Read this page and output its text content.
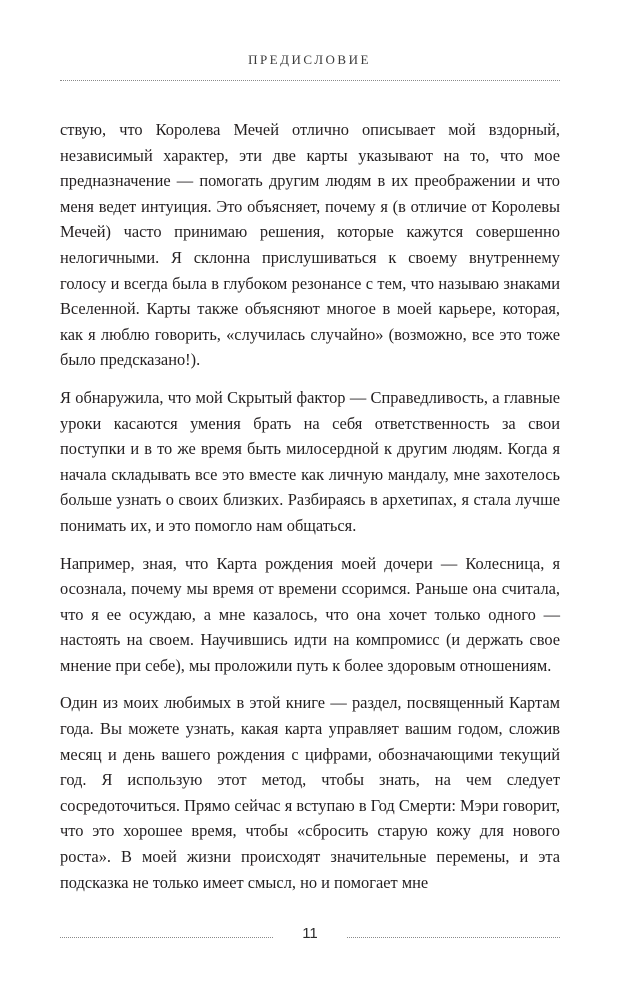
ПРЕДИСЛОВИЕ

ствую, что Королева Мечей отлично описывает мой вздорный, независимый характер, эти две карты указывают на то, что мое предназначение — помогать другим людям в их преображении и что меня ведет интуиция. Это объясняет, почему я (в отличие от Королевы Мечей) часто принимаю решения, которые кажутся совершенно нелогичными. Я склонна прислушиваться к своему внутреннему голосу и всегда была в глубоком резонансе с тем, что называю знаками Вселенной. Карты также объясняют многое в моей карьере, которая, как я люблю говорить, «случилась случайно» (возможно, все это тоже было предсказано!).

Я обнаружила, что мой Скрытый фактор — Справедливость, а главные уроки касаются умения брать на себя ответственность за свои поступки и в то же время быть милосердной к другим людям. Когда я начала складывать все это вместе как личную мандалу, мне захотелось больше узнать о своих близких. Разбираясь в архетипах, я стала лучше понимать их, и это помогло нам общаться.

Например, зная, что Карта рождения моей дочери — Колесница, я осознала, почему мы время от времени ссоримся. Раньше она считала, что я ее осуждаю, а мне казалось, что она хочет только одного — настоять на своем. Научившись идти на компромисс (и держать свое мнение при себе), мы проложили путь к более здоровым отношениям.

Один из моих любимых в этой книге — раздел, посвященный Картам года. Вы можете узнать, какая карта управляет вашим годом, сложив месяц и день вашего рождения с цифрами, обозначающими текущий год. Я использую этот метод, чтобы знать, на чем следует сосредоточиться. Прямо сейчас я вступаю в Год Смерти: Мэри говорит, что это хорошее время, чтобы «сбросить старую кожу для нового роста». В моей жизни происходят значительные перемены, и эта подсказка не только имеет смысл, но и помогает мне

11
